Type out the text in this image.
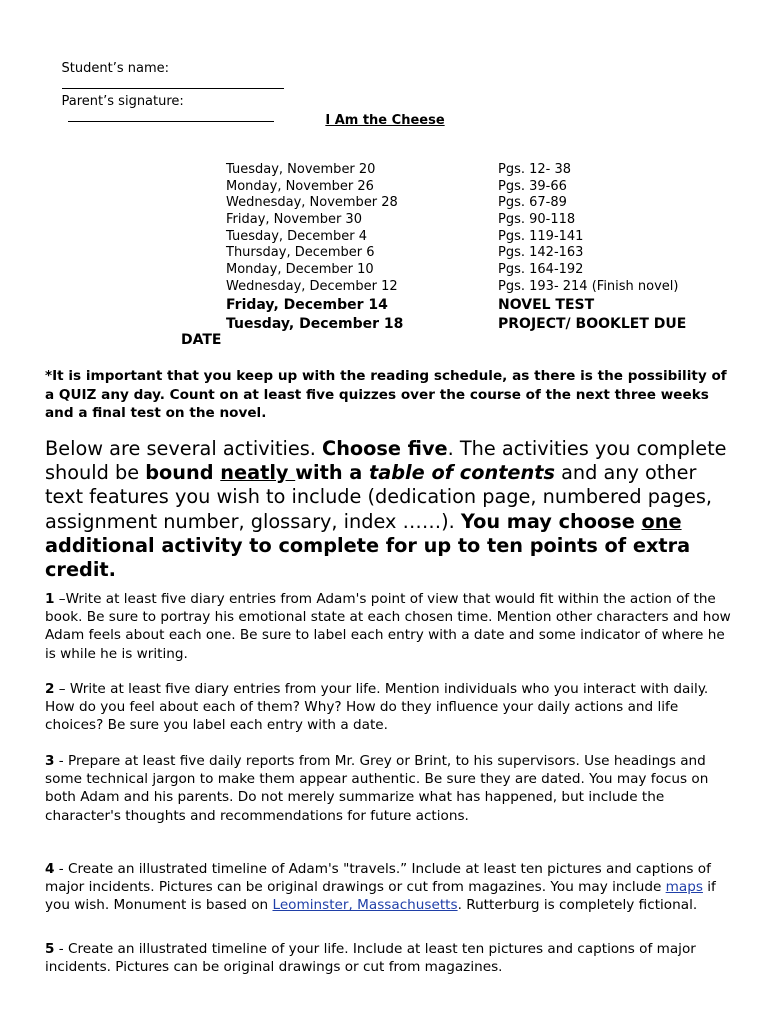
Student’s name:

Parent’s signature:

I Am the Cheese
Tuesday, November 20	Pgs. 12- 38
Monday, November 26	Pgs. 39-66
Wednesday, November 28	Pgs. 67-89
Friday, November 30	Pgs. 90-118
Tuesday, December 4	Pgs. 119-141
Thursday, December 6	Pgs. 142-163
Monday, December 10	Pgs. 164-192
Wednesday, December 12	Pgs. 193- 214 (Finish novel)
Friday, December 14	NOVEL TEST
Tuesday, December 18	PROJECT/ BOOKLET DUE
DATE
*It is important that you keep up with the reading schedule, as there is the possibility of a QUIZ any day. Count on at least five quizzes over the course of the next three weeks and a final test on the novel.
Below are several activities. Choose five. The activities you complete should be bound neatly with a table of contents and any other text features you wish to include (dedication page, numbered pages, assignment number, glossary, index ……). You may choose one additional activity to complete for up to ten points of extra credit.
1 –Write at least five diary entries from Adam's point of view that would fit within the action of the book. Be sure to portray his emotional state at each chosen time. Mention other characters and how Adam feels about each one. Be sure to label each entry with a date and some indicator of where he is while he is writing.
2 – Write at least five diary entries from your life. Mention individuals who you interact with daily. How do you feel about each of them? Why? How do they influence your daily actions and life choices? Be sure you label each entry with a date.
3 - Prepare at least five daily reports from Mr. Grey or Brint, to his supervisors. Use headings and some technical jargon to make them appear authentic. Be sure they are dated. You may focus on both Adam and his parents. Do not merely summarize what has happened, but include the character's thoughts and recommendations for future actions.
4 - Create an illustrated timeline of Adam's "travels.” Include at least ten pictures and captions of major incidents. Pictures can be original drawings or cut from magazines. You may include maps if you wish. Monument is based on Leominster, Massachusetts. Rutterburg is completely fictional.
5 - Create an illustrated timeline of your life. Include at least ten pictures and captions of major incidents. Pictures can be original drawings or cut from magazines.
